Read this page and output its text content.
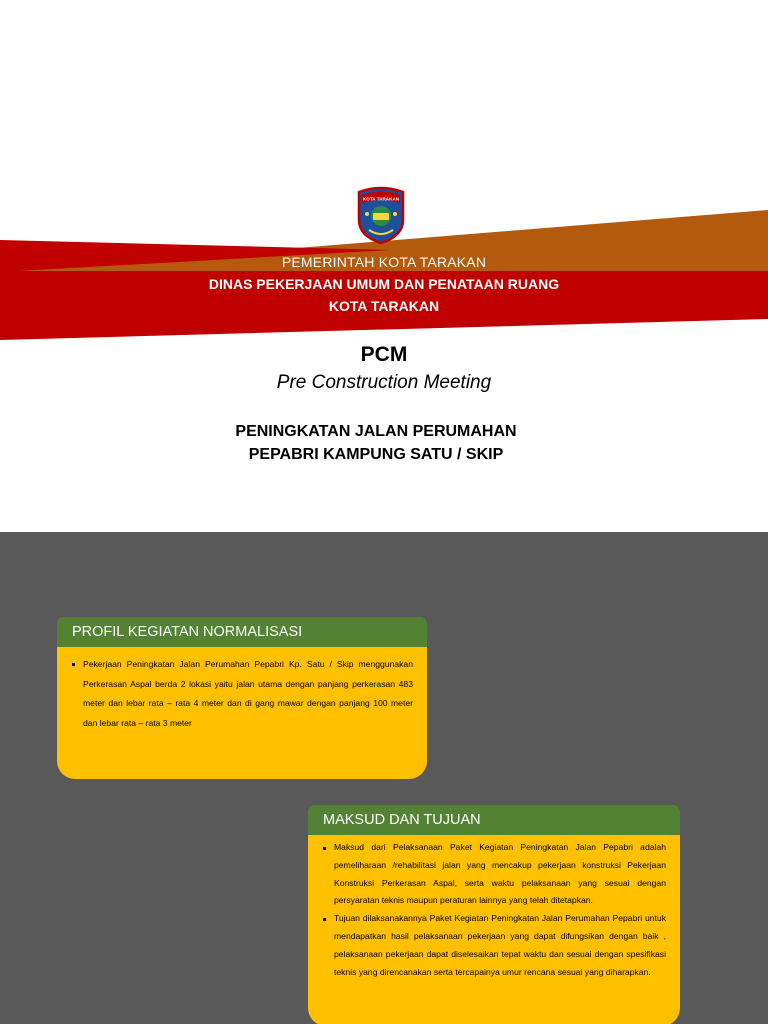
KOTA TARAKAN
PEMERINTAH KOTA TARAKAN
DINAS PEKERJAAN UMUM DAN PENATAAN RUANG
KOTA TARAKAN
PCM
Pre Construction Meeting
PENINGKATAN JALAN PERUMAHAN
PEPABRI KAMPUNG SATU / SKIP
PROFIL KEGIATAN NORMALISASI
Pekerjaan Peningkatan Jalan Perumahan Pepabri Kp. Satu / Skip menggunakan Perkerasan Aspal berda 2 lokasi yaitu jalan utama dengan panjang perkerasan 483 meter dan lebar rata – rata 4 meter dan di gang mawar dengan panjang 100 meter dan lebar rata – rata 3 meter
MAKSUD DAN TUJUAN
Maksud dari Pelaksanaan Paket Kegiatan Peningkatan Jalan Pepabri adalah pemeliharaan /rehabilitasi jalan yang mencakup pekerjaan konstruksi Pekerjaan Konstruksi Perkerasan Aspal, serta waktu pelaksanaan yang sesuai dengan persyaratan teknis maupun peraturan lainnya yang telah ditetapkan.
Tujuan dilaksanakannya Paket Kegiatan Peningkatan Jalan Perumahan Pepabri untuk mendapatkan hasil pelaksanaan pekerjaan yang dapat difungsikan dengan baik , pelaksanaan pekerjaan dapat diselesaikan tepat waktu dan sesuai dengan spesifikasi teknis yang direncanakan serta tercapainya umur rencana sesuai yang diharapkan.
